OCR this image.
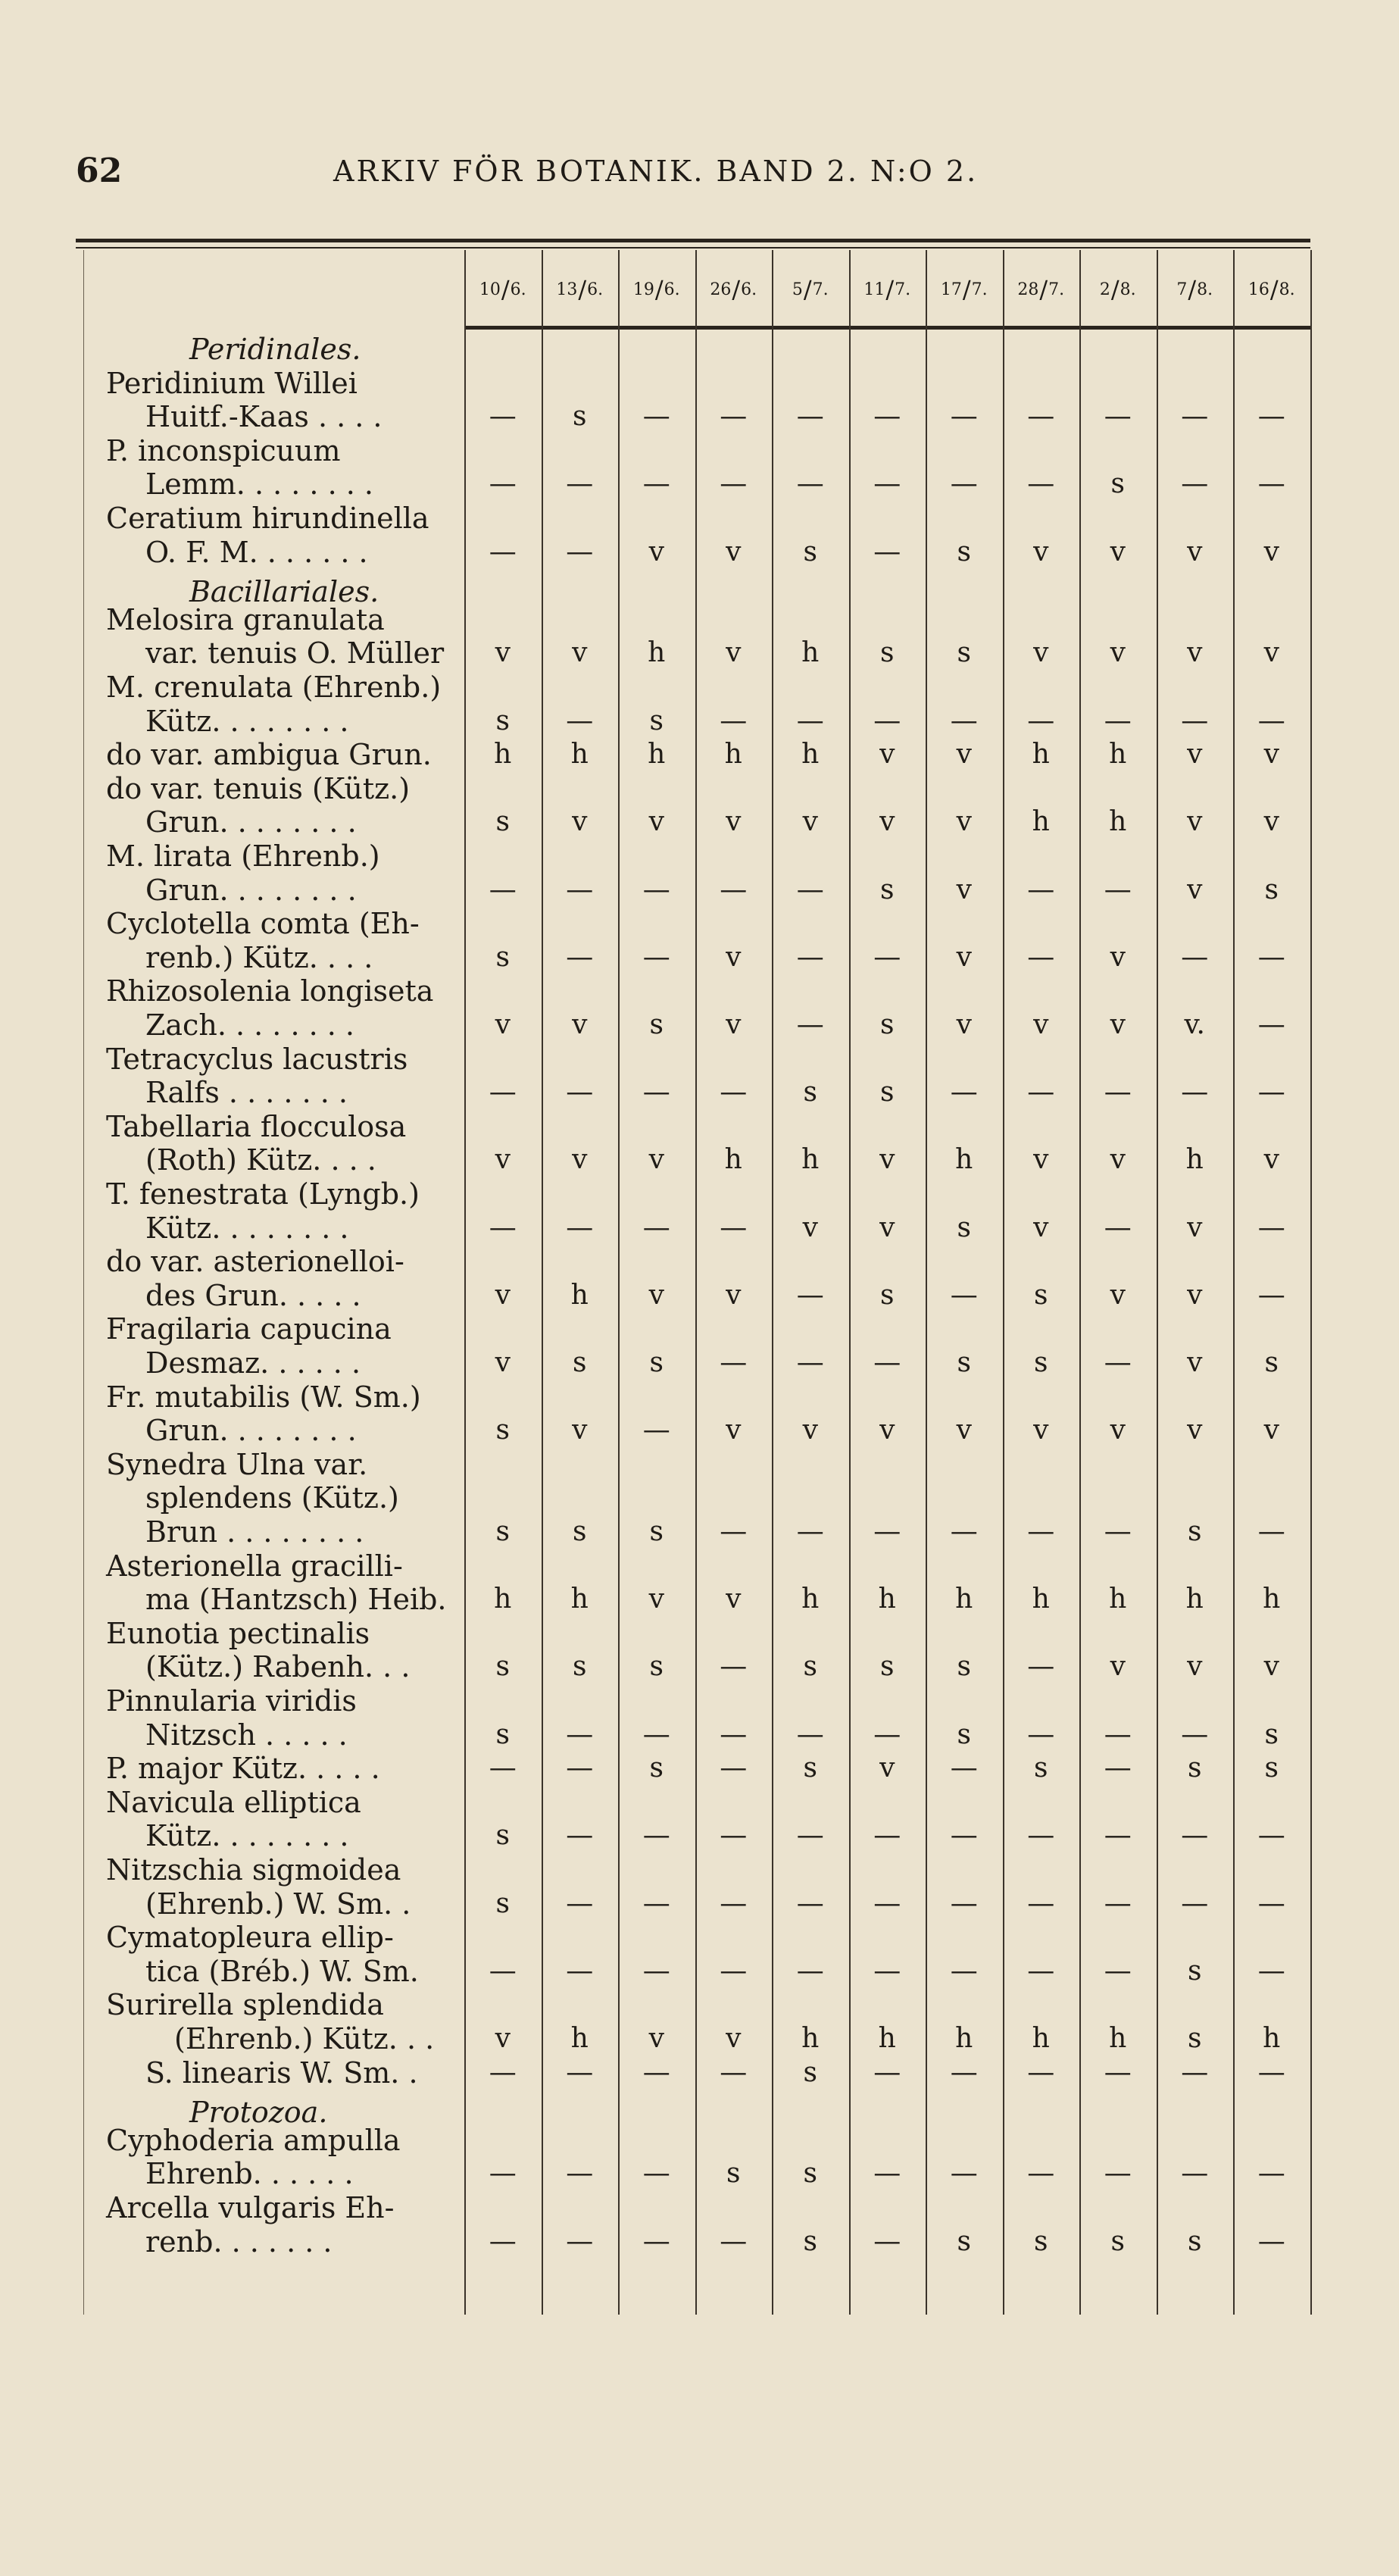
62	ARKIV FÖR BOTANIK. BAND 2. N:O 2.
10 / 6. 13 / 6. 19 / 6. 26 / 6. 5 / 7. 11 / 7. 17 / 7. 28 / 7. 2 / 8. 7 / 8. 16 / 8.
Peridinales.
Peridinium Willei
Huitf.-Kaas . . . .	—	s	—	—	—	—	—	—	—	—	—
P. inconspicuum
Lemm. . . . . . . .	—	—	—	—	—	—	—	—	s	—	—
Ceratium hirundinella
O. F. M. . . . . . .	—	—	v	v	s	—	s	v	v	v	v
Bacillariales.
Melosira granulata
var. tenuis O. Müller	v	v	h	v	h	s	s	v	v	v	v
M. crenulata (Ehrenb.)
Kütz. . . . . . . .	s	—	s	—	—	—	—	—	—	—	—
do var. ambigua Grun.	h	h	h	h	h	v	v	h	h	v	v
do var. tenuis (Kütz.)
Grun. . . . . . . .	s	v	v	v	v	v	v	h	h	v	v
M. lirata (Ehrenb.)
Grun. . . . . . . .	—	—	—	—	—	s	v	—	—	v	s
Cyclotella comta (Eh-
renb.) Kütz. . . .	s	—	—	v	—	—	v	—	v	—	—
Rhizosolenia longiseta
Zach. . . . . . . .	v	v	s	v	—	s	v	v	v	v.	—
Tetracyclus lacustris
Ralfs . . . . . . .	—	—	—	—	s	s	—	—	—	—	—
Tabellaria flocculosa
(Roth) Kütz. . . .	v	v	v	h	h	v	h	v	v	h	v
T. fenestrata (Lyngb.)
Kütz. . . . . . . .	—	—	—	—	v	v	s	v	—	v	—
do var. asterionelloi-
des Grun. . . . .	v	h	v	v	—	s	—	s	v	v	—
Fragilaria capucina
Desmaz. . . . . .	v	s	s	—	—	—	s	s	—	v	s
Fr. mutabilis (W. Sm.)
Grun. . . . . . . .	s	v	—	v	v	v	v	v	v	v	v
Synedra Ulna var.
splendens (Kütz.)
Brun . . . . . . . .	s	s	s	—	—	—	—	—	—	s	—
Asterionella gracilli-
ma (Hantzsch) Heib.	h	h	v	v	h	h	h	h	h	h	h
Eunotia pectinalis
(Kütz.) Rabenh. . .	s	s	s	—	s	s	s	—	v	v	v
Pinnularia viridis
Nitzsch . . . . .	s	—	—	—	—	—	s	—	—	—	s
P. major Kütz. . . . .	—	—	s	—	s	v	—	s	—	s	s
Navicula elliptica
Kütz. . . . . . . .	s	—	—	—	—	—	—	—	—	—	—
Nitzschia sigmoidea
(Ehrenb.) W. Sm. .	s	—	—	—	—	—	—	—	—	—	—
Cymatopleura ellip-
tica (Bréb.) W. Sm.	—	—	—	—	—	—	—	—	—	s	—
Surirella splendida
(Ehrenb.) Kütz. . .	v	h	v	v	h	h	h	h	h	s	h
S. linearis W. Sm. .	—	—	—	—	s	—	—	—	—	—	—
Protozoa.
Cyphoderia ampulla
Ehrenb. . . . . .	—	—	—	s	s	—	—	—	—	—	—
Arcella vulgaris Eh-
renb. . . . . . .	—	—	—	—	s	—	s	s	s	s	—
